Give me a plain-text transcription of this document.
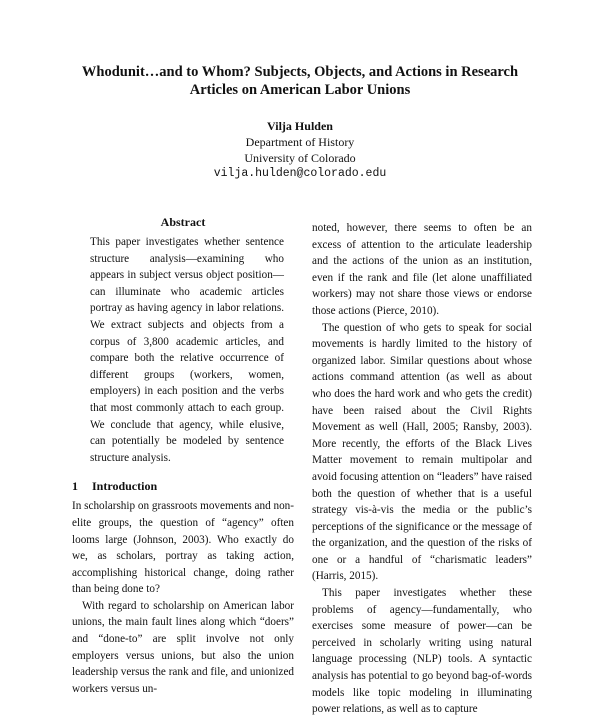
Whodunit…and to Whom? Subjects, Objects, and Actions in Research
Articles on American Labor Unions
Vilja Hulden
Department of History
University of Colorado
vilja.hulden@colorado.edu
Abstract

This paper investigates whether sentence structure analysis—examining who appears in subject versus object position—can illuminate who academic articles portray as having agency in labor relations. We extract subjects and objects from a corpus of 3,800 academic articles, and compare both the relative occurrence of different groups (workers, women, employers) in each position and the verbs that most commonly attach to each group. We conclude that agency, while elusive, can potentially be modeled by sentence structure analysis.

1 Introduction

In scholarship on grassroots movements and non-elite groups, the question of “agency” often looms large (Johnson, 2003). Who exactly do we, as scholars, portray as taking action, accomplishing historical change, doing rather than being done to?

With regard to scholarship on American labor unions, the main fault lines along which “doers” and “done-to” are split involve not only employers versus unions, but also the union leadership versus the rank and file, and unionized workers versus un-

noted, however, there seems to often be an excess of attention to the articulate leadership and the actions of the union as an institution, even if the rank and file (let alone unaffiliated workers) may not share those views or endorse those actions (Pierce, 2010).

The question of who gets to speak for social movements is hardly limited to the history of organized labor. Similar questions about whose actions command attention (as well as about who does the hard work and who gets the credit) have been raised about the Civil Rights Movement as well (Hall, 2005; Ransby, 2003). More recently, the efforts of the Black Lives Matter movement to remain multipolar and avoid focusing attention on “leaders” have raised both the question of whether that is a useful strategy vis-à-vis the media or the public’s perceptions of the significance or the message of the organization, and the question of the risks of one or a handful of “charismatic leaders” (Harris, 2015).

This paper investigates whether these problems of agency—fundamentally, who exercises some measure of power—can be perceived in scholarly writing using natural language processing (NLP) tools. A syntactic analysis has potential to go beyond bag-of-words models like topic modeling in illuminating power relations, as well as to capture
